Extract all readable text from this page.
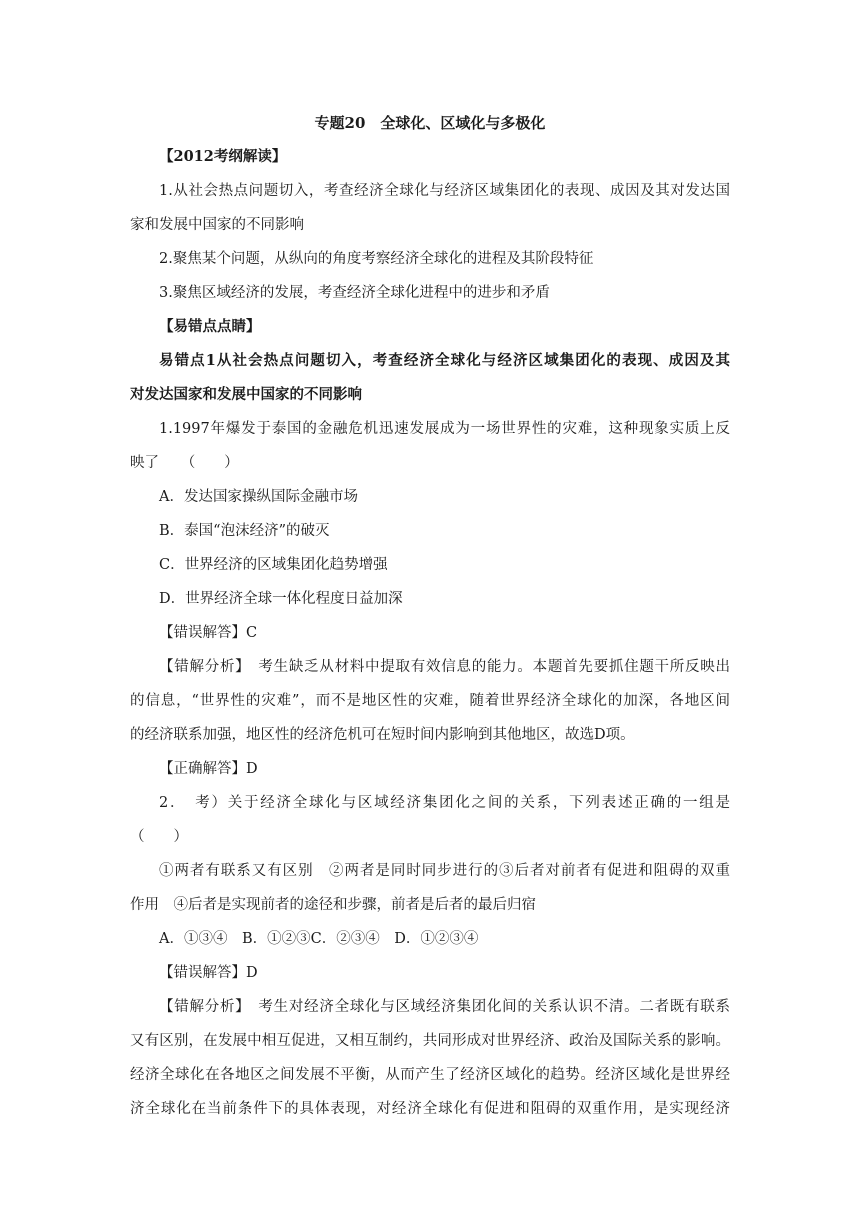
专题20　全球化、区域化与多极化
【2012考纲解读】
1.从社会热点问题切入，考查经济全球化与经济区域集团化的表现、成因及其对发达国
家和发展中国家的不同影响
2.聚焦某个问题，从纵向的角度考察经济全球化的进程及其阶段特征
3.聚焦区域经济的发展，考查经济全球化进程中的进步和矛盾
【易错点点睛】
易错点1从社会热点问题切入，考查经济全球化与经济区域集团化的表现、成因及其
对发达国家和发展中国家的不同影响
1.1997年爆发于泰国的金融危机迅速发展成为一场世界性的灾难，这种现象实质上反
映了　　（　　）
A．发达国家操纵国际金融市场
B．泰国“泡沫经济”的破灭
C．世界经济的区域集团化趋势增强
D．世界经济全球一体化程度日益加深
【错误解答】C
【错解分析】　考生缺乏从材料中提取有效信息的能力。本题首先要抓住题干所反映出
的信息，“世界性的灾难”，而不是地区性的灾难，随着世界经济全球化的加深，各地区间
的经济联系加强，地区性的经济危机可在短时间内影响到其他地区，故选D项。
【正确解答】D
2．　考）关于经济全球化与区域经济集团化之间的关系，下列表述正确的一组是
（　　）
①两者有联系又有区别　②两者是同时同步进行的③后者对前者有促进和阻碍的双重
作用　④后者是实现前者的途径和步骤，前者是后者的最后归宿
A．①③④　B．①②③C．②③④　D．①②③④
【错误解答】D
【错解分析】　考生对经济全球化与区域经济集团化间的关系认识不清。二者既有联系
又有区别，在发展中相互促进，又相互制约，共同形成对世界经济、政治及国际关系的影响。
经济全球化在各地区之间发展不平衡，从而产生了经济区域化的趋势。经济区域化是世界经
济全球化在当前条件下的具体表现，对经济全球化有促进和阻碍的双重作用，是实现经济
